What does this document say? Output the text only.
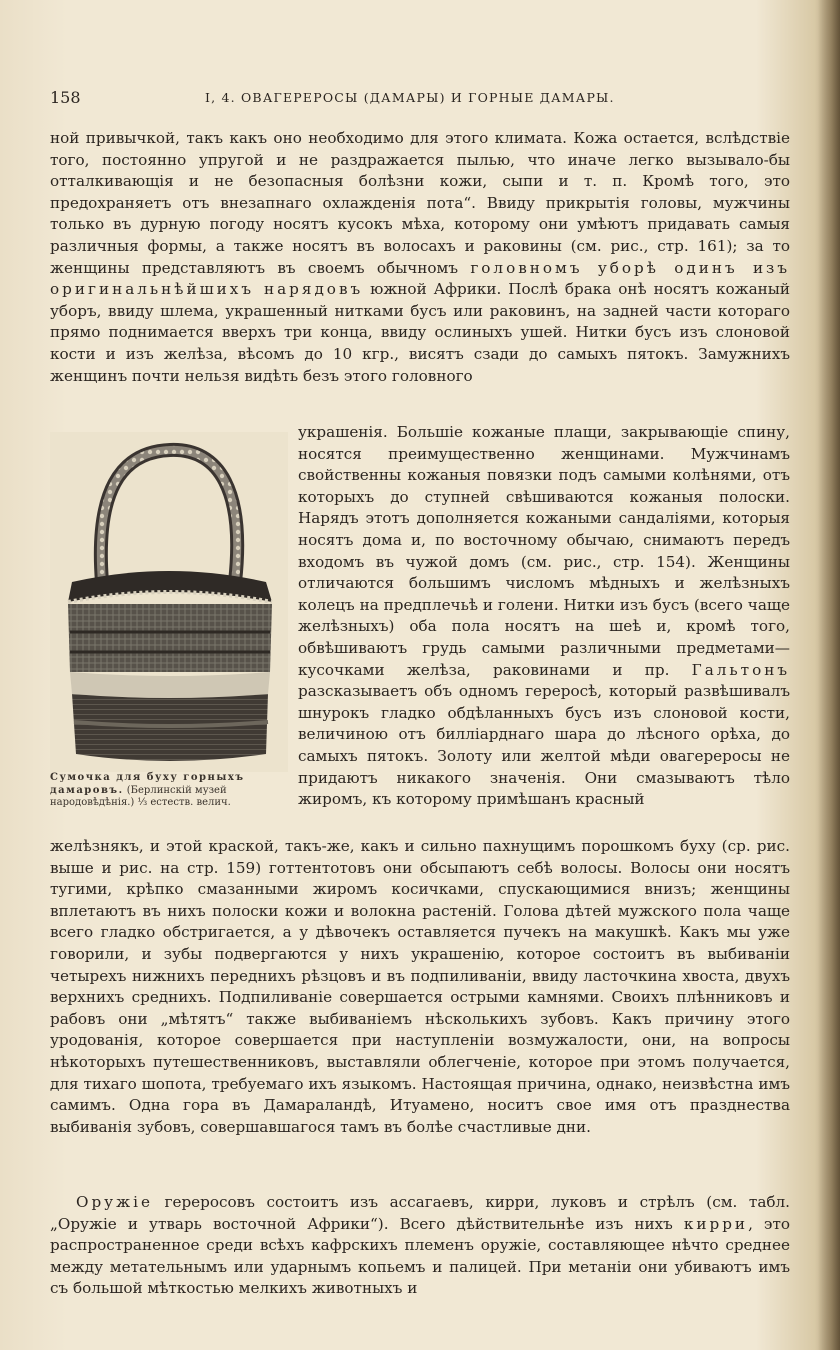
158	I, 4. ОВАГЕРЕРОСЫ (ДАМАРЫ) И ГОРНЫЕ ДАМАРЫ.

ной привычкой, такъ какъ оно необходимо для этого климата. Кожа остается, вслѣдствіе того, постоянно упругой и не раздражается пылью, что иначе легко вызывало-бы отталкивающія и не безопасныя болѣзни кожи, сыпи и т. п. Кромѣ того, это предохраняетъ отъ внезапнаго охлажденія пота“. Ввиду прикрытія головы, мужчины только въ дурную погоду носятъ кусокъ мѣха, которому они умѣютъ придавать самыя различныя формы, а также носятъ въ волосахъ и раковины (см. рис., стр. 161); за то женщины представляютъ въ своемъ обычномъ головномъ уборѣ одинъ изъ оригинальнѣйшихъ нарядовъ южной Африки. Послѣ брака онѣ носятъ кожаный уборъ, ввиду шлема, украшенный нитками бусъ или раковинъ, на задней части котораго прямо поднимается вверхъ три конца, ввиду ослиныхъ ушей. Нитки бусъ изъ слоновой кости и изъ желѣза, вѣсомъ до 10 кгр., висятъ сзади до самыхъ пятокъ. Замужнихъ женщинъ почти нельзя видѣть безъ этого головного

Сумочка для буху горныхъ дамаровъ. (Берлинскій музей народовѣдѣнія.) ⅓ естеств. велич.

украшенія. Большіе кожаные плащи, закрывающіе спину, носятся преимущественно женщинами. Мужчинамъ свойственны кожаныя повязки подъ самыми колѣнями, отъ которыхъ до ступней свѣшиваются кожаныя полоски. Нарядъ этотъ дополняется кожаными сандаліями, которыя носятъ дома и, по восточному обычаю, снимаютъ передъ входомъ въ чужой домъ (см. рис., стр. 154). Женщины отличаются большимъ числомъ мѣдныхъ и желѣзныхъ колецъ на предплечьѣ и голени. Нитки изъ бусъ (всего чаще желѣзныхъ) оба пола носятъ на шеѣ и, кромѣ того, обвѣшиваютъ грудь самыми различными предметами—кусочками желѣза, раковинами и пр. Гальтонъ разсказываетъ объ одномъ герероcѣ, который развѣшивалъ шнурокъ гладко обдѣланныхъ бусъ изъ слоновой кости, величиною отъ билліарднаго шара до лѣсного орѣха, до самыхъ пятокъ. Золоту или желтой мѣди овагереросы не придаютъ никакого значенія. Они смазываютъ тѣло жиромъ, къ которому примѣшанъ красный

желѣзнякъ, и этой краской, такъ-же, какъ и сильно пахнущимъ порошкомъ буху (ср. рис. выше и рис. на стр. 159) готтентотовъ они обсыпаютъ себѣ волосы. Волосы они носятъ тугими, крѣпко смазанными жиромъ косичками, спускающимися внизъ; женщины вплетаютъ въ нихъ полоски кожи и волокна растеній. Голова дѣтей мужского пола чаще всего гладко обстригается, а у дѣвочекъ оставляется пучекъ на макушкѣ. Какъ мы уже говорили, и зубы подвергаются у нихъ украшенію, которое состоитъ въ выбиваніи четырехъ нижнихъ переднихъ рѣзцовъ и въ подпиливаніи, ввиду ласточкина хвоста, двухъ верхнихъ среднихъ. Подпиливаніе совершается острыми камнями. Своихъ плѣнниковъ и рабовъ они „мѣтятъ“ также выбиваніемъ нѣсколькихъ зубовъ. Какъ причину этого уродованія, которое совершается при наступленіи возмужалости, они, на вопросы нѣкоторыхъ путешественниковъ, выставляли облегченіе, которое при этомъ получается, для тихаго шопота, требуемаго ихъ языкомъ. Настоящая причина, однако, неизвѣстна имъ самимъ. Одна гора въ Дамараландѣ, Итуамено, носитъ свое имя отъ празднества выбиванія зубовъ, совершавшагося тамъ въ болѣе счастливые дни.

Оружіе герероcовъ состоитъ изъ ассагаевъ, кирри, луковъ и стрѣлъ (см. табл. „Оружіе и утварь восточной Африки“). Всего дѣйствительнѣе изъ нихъ кирри, это распространенное среди всѣхъ кафрскихъ племенъ оружіе, составляющее нѣчто среднее между метательнымъ или ударнымъ копьемъ и палицей. При метаніи они убиваютъ имъ съ большой мѣткостью мелкихъ животныхъ и
